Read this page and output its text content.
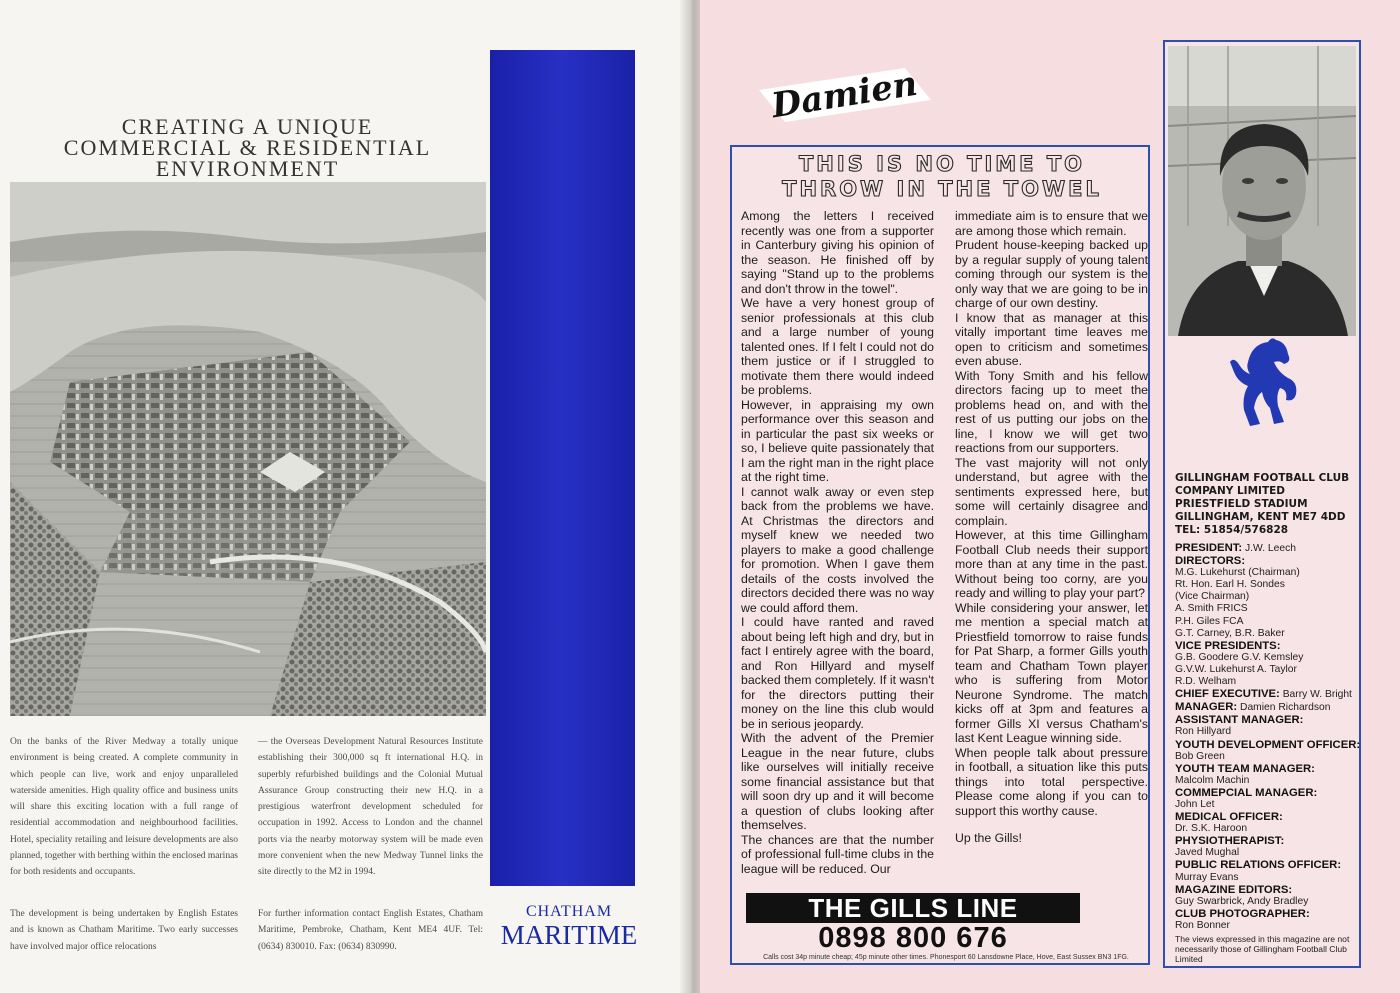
CREATING A UNIQUE
COMMERCIAL & RESIDENTIAL
ENVIRONMENT

On the banks of the River Medway a totally unique environment is being created. A complete community in which people can live, work and enjoy unparalleled waterside amenities. High quality office and business units will share this exciting location with a full range of residential accommodation and neighbourhood facilities. Hotel, speciality retailing and leisure developments are also planned, together with berthing within the enclosed marinas for both residents and occupants.

— the Overseas Development Natural Resources Institute establishing their 300,000 sq ft international H.Q. in superbly refurbished buildings and the Colonial Mutual Assurance Group constructing their new H.Q. in a prestigious waterfront development scheduled for occupation in 1992. Access to London and the channel ports via the nearby motorway system will be made even more convenient when the new Medway Tunnel links the site directly to the M2 in 1994.

The development is being undertaken by English Estates and is known as Chatham Maritime. Two early successes have involved major office relocations

For further information contact English Estates, Chatham Maritime, Pembroke, Chatham, Kent ME4 4UF. Tel: (0634) 830010. Fax: (0634) 830990.

CHATHAM
MARITIME
Damien
THIS IS NO TIME TO
THROW IN THE TOWEL

Among the letters I received recently was one from a supporter in Canterbury giving his opinion of the season. He finished off by saying "Stand up to the problems and don't throw in the towel".

We have a very honest group of senior professionals at this club and a large number of young talented ones. If I felt I could not do them justice or if I struggled to motivate them there would indeed be problems.

However, in appraising my own performance over this season and in particular the past six weeks or so, I believe quite passionately that I am the right man in the right place at the right time.

I cannot walk away or even step back from the problems we have. At Christmas the directors and myself knew we needed two players to make a good challenge for promotion. When I gave them details of the costs involved the directors decided there was no way we could afford them.

I could have ranted and raved about being left high and dry, but in fact I entirely agree with the board, and Ron Hillyard and myself backed them completely. If it wasn't for the directors putting their money on the line this club would be in serious jeopardy.

With the advent of the Premier League in the near future, clubs like ourselves will initially receive some financial assistance but that will soon dry up and it will become a question of clubs looking after themselves.

The chances are that the number of professional full-time clubs in the league will be reduced. Our

immediate aim is to ensure that we are among those which remain.

Prudent house-keeping backed up by a regular supply of young talent coming through our system is the only way that we are going to be in charge of our own destiny.

I know that as manager at this vitally important time leaves me open to criticism and sometimes even abuse.

With Tony Smith and his fellow directors facing up to meet the problems head on, and with the rest of us putting our jobs on the line, I know we will get two reactions from our supporters.

The vast majority will not only understand, but agree with the sentiments expressed here, but some will certainly disagree and complain.

However, at this time Gillingham Football Club needs their support more than at any time in the past. Without being too corny, are you ready and willing to play your part?

While considering your answer, let me mention a special match at Priestfield tomorrow to raise funds for Pat Sharp, a former Gills youth team and Chatham Town player who is suffering from Motor Neurone Syndrome. The match kicks off at 3pm and features a former Gills XI versus Chatham's last Kent League winning side.

When people talk about pressure in football, a situation like this puts things into total perspective. Please come along if you can to support this worthy cause.

Up the Gills!

THE GILLS LINE
0898 800 676
Calls cost 34p minute cheap; 45p minute other times. Phonesport 60 Lansdowne Place, Hove, East Sussex BN3 1FG.
GILLINGHAM FOOTBALL CLUB
COMPANY LIMITED
PRIESTFIELD STADIUM
GILLINGHAM, KENT ME7 4DD
TEL: 51854/576828
PRESIDENT: J.W. Leech
DIRECTORS:
M.G. Lukehurst (Chairman)
Rt. Hon. Earl H. Sondes
(Vice Chairman)
A. Smith FRICS
P.H. Giles FCA
G.T. Carney, B.R. Baker
VICE PRESIDENTS:
G.B. Goodere G.V. Kemsley
G.V.W. Lukehurst A. Taylor
R.D. Welham
CHIEF EXECUTIVE: Barry W. Bright
MANAGER: Damien Richardson
ASSISTANT MANAGER:
Ron Hillyard
YOUTH DEVELOPMENT OFFICER:
Bob Green
YOUTH TEAM MANAGER:
Malcolm Machin
COMMEPCIAL MANAGER:
John Let
MEDICAL OFFICER:
Dr. S.K. Haroon
PHYSIOTHERAPIST:
Javed Mughal
PUBLIC RELATIONS OFFICER:
Murray Evans
MAGAZINE EDITORS:
Guy Swarbrick, Andy Bradley
CLUB PHOTOGRAPHER:
Ron Bonner
The views expressed in this magazine are not necessarily those of Gillingham Football Club Limited
